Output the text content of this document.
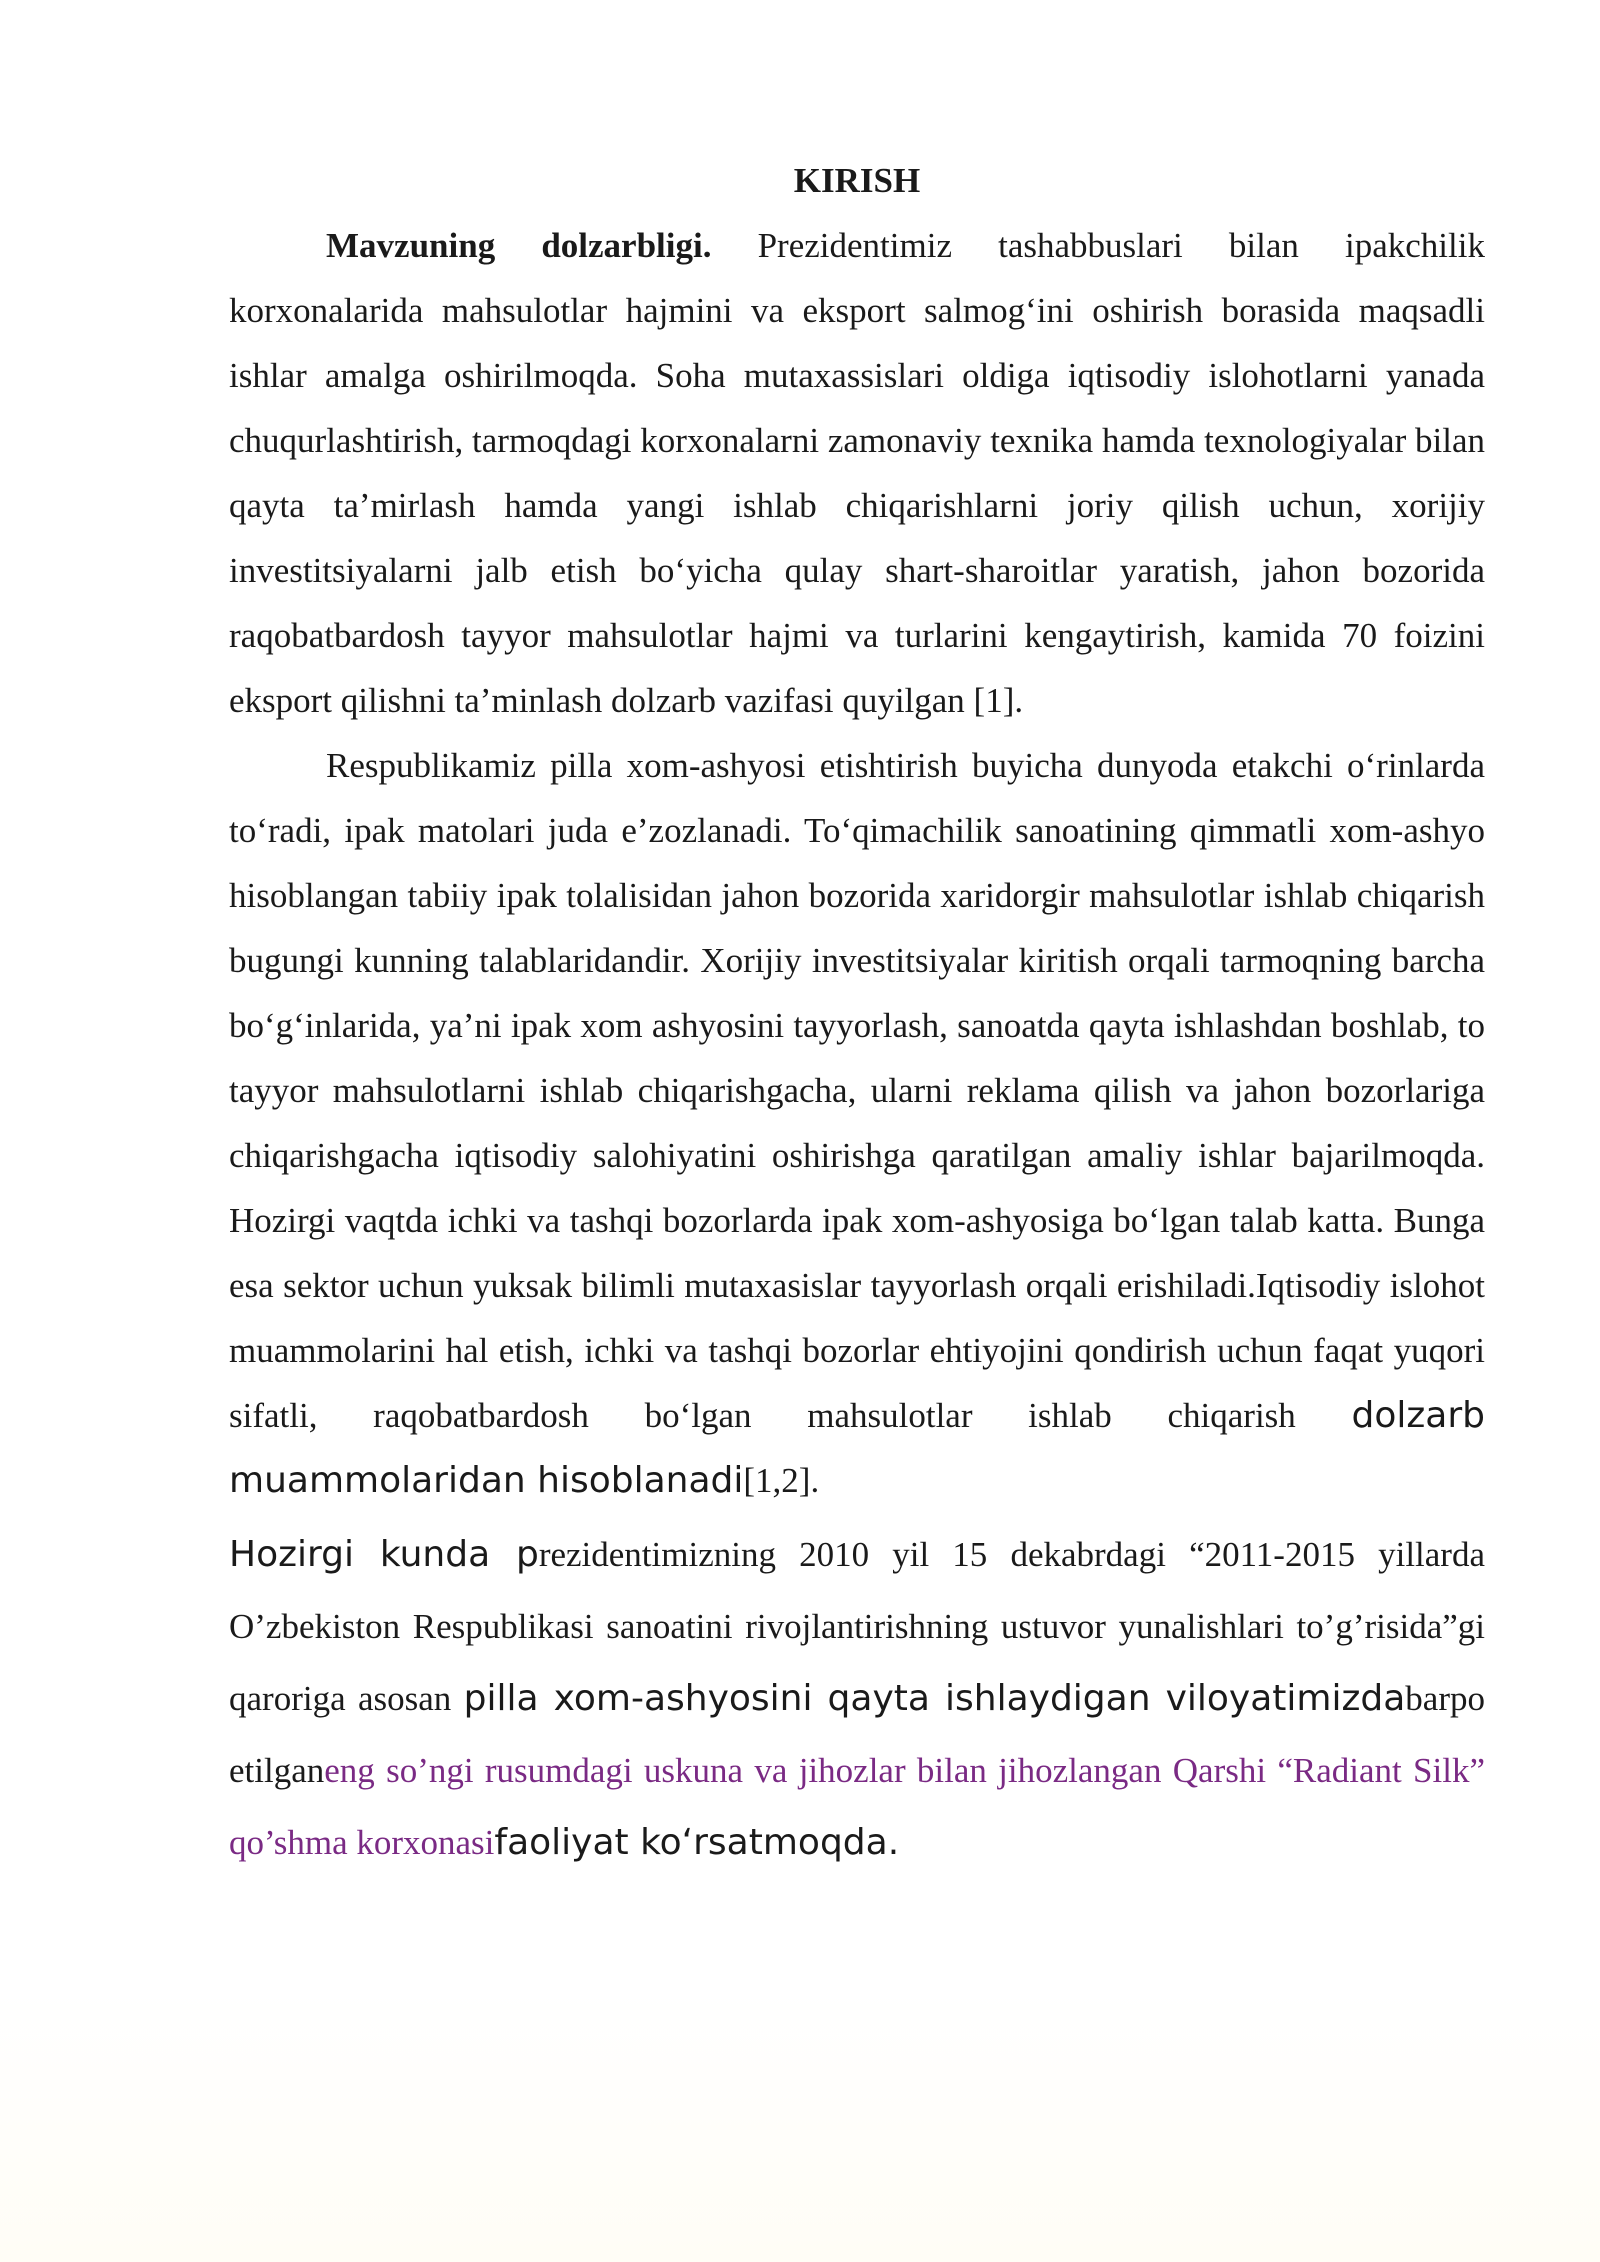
KIRISH

Mavzuning dolzarbligi. Prezidentimiz tashabbuslari bilan ipakchilik korxonalarida mahsulotlar hajmini va eksport salmog‘ini oshirish borasida maqsadli ishlar amalga oshirilmoqda. Soha mutaxassislari oldiga iqtisodiy islohotlarni yanada chuqurlashtirish, tarmoqdagi korxonalarni zamonaviy texnika hamda texnologiyalar bilan qayta ta’mirlash hamda yangi ishlab chiqarishlarni joriy qilish uchun, xorijiy investitsiyalarni jalb etish bo‘yicha qulay shart-sharoitlar yaratish, jahon bozorida raqobatbardosh tayyor mahsulotlar hajmi va turlarini kengaytirish, kamida 70 foizini eksport qilishni ta’minlash dolzarb vazifasi quyilgan [1].

Respublikamiz pilla xom-ashyosi etishtirish buyicha dunyoda etakchi o‘rinlarda to‘radi, ipak matolari juda e’zozlanadi. To‘qimachilik sanoatining qimmatli xom-ashyo hisoblangan tabiiy ipak tolalisidan jahon bozorida xaridorgir mahsulotlar ishlab chiqarish bugungi kunning talablaridandir. Xorijiy investitsiyalar kiritish orqali tarmoqning barcha bo‘g‘inlarida, ya’ni ipak xom ashyosini tayyorlash, sanoatda qayta ishlashdan boshlab, to tayyor mahsulotlarni ishlab chiqarishgacha, ularni reklama qilish va jahon bozorlariga chiqarishgacha iqtisodiy salohiyatini oshirishga qaratilgan amaliy ishlar bajarilmoqda. Hozirgi vaqtda ichki va tashqi bozorlarda ipak xom-ashyosiga bo‘lgan talab katta. Bunga esa sektor uchun yuksak bilimli mutaxasislar tayyorlash orqali erishiladi.Iqtisodiy islohot muammolarini hal etish, ichki va tashqi bozorlar ehtiyojini qondirish uchun faqat yuqori sifatli, raqobatbardosh bo‘lgan mahsulotlar ishlab chiqarish dolzarb muammolaridan hisoblanadi[1,2].

Hozirgi kunda prezidentimizning 2010 yil 15 dekabrdagi “2011-2015 yillarda O’zbekiston Respublikasi sanoatini rivojlantirishning ustuvor yunalishlari to’g’risida”gi qaroriga asosan pilla xom-ashyosini qayta ishlaydigan viloyatimizdabarpo etilganeng so’ngi rusumdagi uskuna va jihozlar bilan jihozlangan Qarshi “Radiant Silk” qo’shma korxonasifaoliyat ko‘rsatmoqda.
